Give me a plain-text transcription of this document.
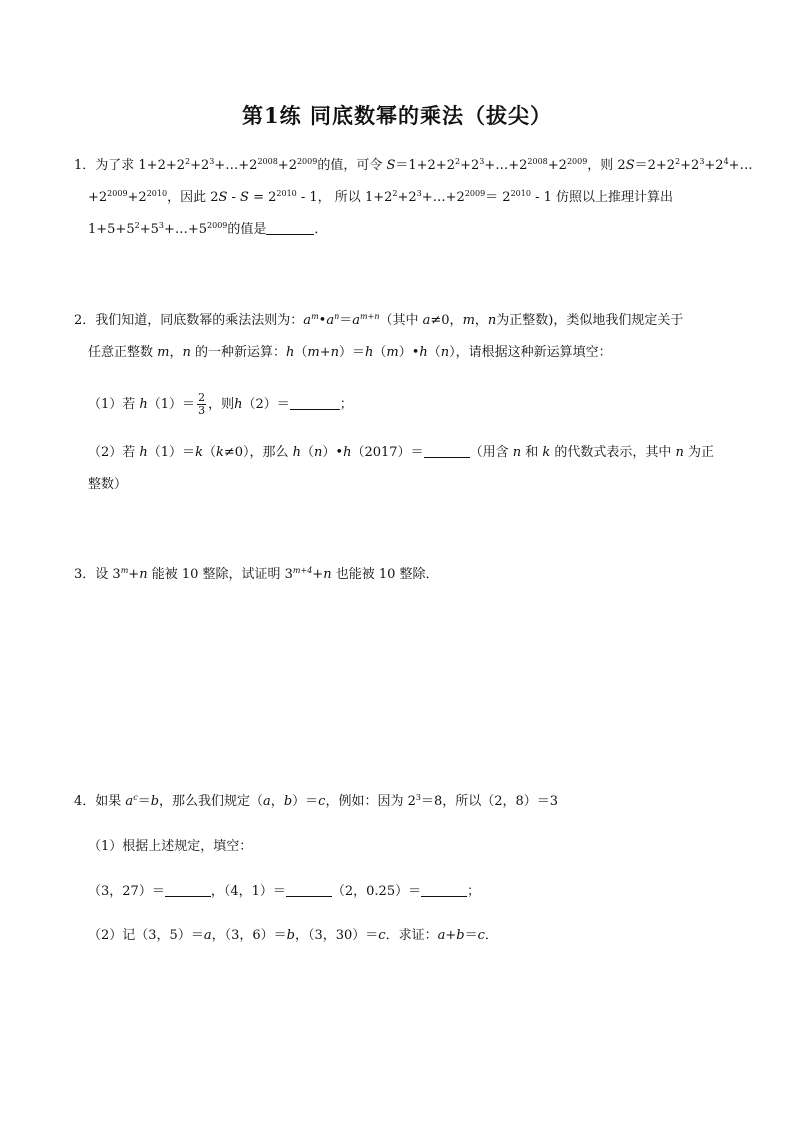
第1练 同底数幂的乘法（拔尖）
1．为了求 $1+2+2^2+2^3+\dots+2^{2008}+2^{2009}$的值，可令 $S=1+2+2^2+2^3+\dots+2^{2008}+2^{2009}$，则 $2S=2+2^2+2^3+2^4+\dots$
$+2^{2009}+2^{2010}$，因此 $2S - S = 2^{2010} - 1$， 所以 $1+2^2+2^3+\dots+2^{2009}= 2^{2010} - 1$ 仿照以上推理计算出
$1+5+5^2+5^3+\dots+5^{2009}$的值是	．
2．我们知道，同底数幂的乘法法则为：$a^m•a^n=a^{m+n}$（其中 a≠0，m，n为正整数)，类似地我们规定关于
任意正整数 m，n 的一种新运算：h（m+n）＝h（m）•h（n），请根据这种新运算填空：
（1）若 $h(1)= \frac{2}{3}$ ，则h（2）＝	；
（2）若 h（1）＝k（k≠0），那么 h（n）•h（2017）＝	（用含 n 和 k 的代数式表示，其中 n 为正
整数）
3．设 $3^m+n$ 能被 10 整除，试证明 $3^{m+4}+n$ 也能被 10 整除．
4．如果 $a^c=b$，那么我们规定（a，b）＝c，例如：因为 $2^3=8$，所以（2，8）＝3
（1）根据上述规定，填空：
（3，27）＝	，（4，1）＝	（2，0.25）＝	；
（2）记（3，5）＝a，（3，6）＝b，（3，30）＝c．求证：a+b＝c．
